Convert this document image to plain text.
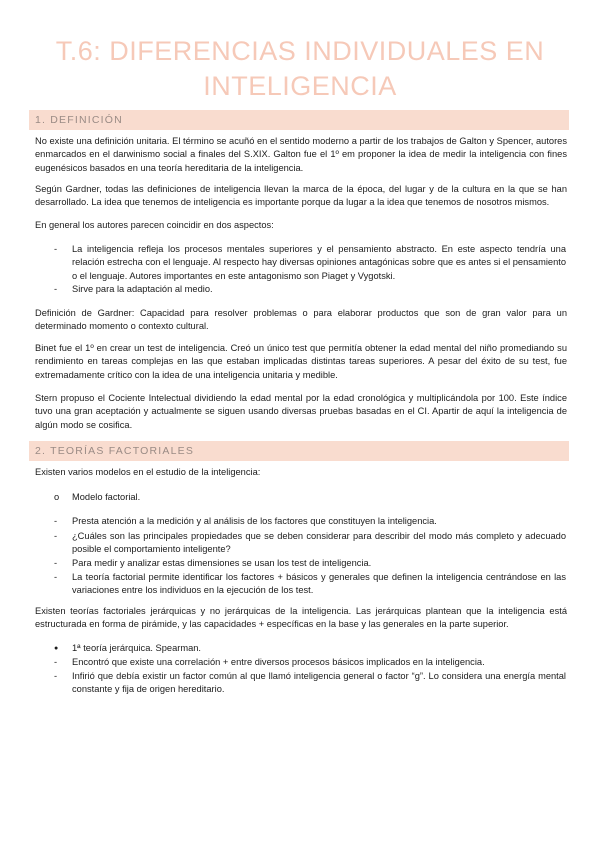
T.6: DIFERENCIAS INDIVIDUALES EN
INTELIGENCIA
1. DEFINICIÓN

No existe una definición unitaria. El término se acuñó en el sentido moderno a partir de los trabajos de Galton y Spencer, autores enmarcados en el darwinismo social a finales del S.XIX. Galton fue el 1º em proponer la idea de medir la inteligencia con fines eugenésicos basados en una teoría hereditaria de la inteligencia.

Según Gardner, todas las definiciones de inteligencia llevan la marca de la época, del lugar y de la cultura en la que se han desarrollado. La idea que tenemos de inteligencia es importante porque da lugar a la idea que tenemos de nosotros mismos.

En general los autores parecen coincidir en dos aspectos:

-	La inteligencia refleja los procesos mentales superiores y el pensamiento abstracto. En este aspecto tendría una relación estrecha con el lenguaje. Al respecto hay diversas opiniones antagónicas sobre que es antes si el pensamiento o el lenguaje. Autores importantes en este antagonismo son Piaget y Vygotski.
-	Sirve para la adaptación al medio.

Definición de Gardner: Capacidad para resolver problemas o para elaborar productos que son de gran valor para un determinado momento o contexto cultural.

Binet fue el 1º en crear un test de inteligencia. Creó un único test que permitía obtener la edad mental del niño promediando su rendimiento en tareas complejas en las que estaban implicadas distintas tareas superiores. A pesar del éxito de su test, fue extremadamente crítico con la idea de una inteligencia unitaria y medible.

Stern propuso el Cociente Intelectual dividiendo la edad mental por la edad cronológica y multiplicándola por 100. Este índice tuvo una gran aceptación y actualmente se siguen usando diversas pruebas basadas en el CI. Apartir de aquí la inteligencia de algún modo se cosifica.

2. TEORÍAS FACTORIALES

Existen varios modelos en el estudio de la inteligencia:

o	Modelo factorial.
-	Presta atención a la medición y al análisis de los factores que constituyen la inteligencia.
-	¿Cuáles son las principales propiedades que se deben considerar para describir del modo más completo y adecuado posible el comportamiento inteligente?
-	Para medir y analizar estas dimensiones se usan los test de inteligencia.
-	La teoría factorial permite identificar los factores + básicos y generales que definen la inteligencia centrándose en las variaciones entre los individuos en la ejecución de los test.

Existen teorías factoriales jerárquicas y no jerárquicas de la inteligencia. Las jerárquicas plantean que la inteligencia está estructurada en forma de pirámide, y las capacidades + específicas en la base y las generales en la parte superior.

●	1ª teoría jerárquica. Spearman.
-	Encontró que existe una correlación + entre diversos procesos básicos implicados en la inteligencia.
-	Infirió que debía existir un factor común al que llamó inteligencia general o factor “g”. Lo considera una energía mental constante y fija de origen hereditario.
